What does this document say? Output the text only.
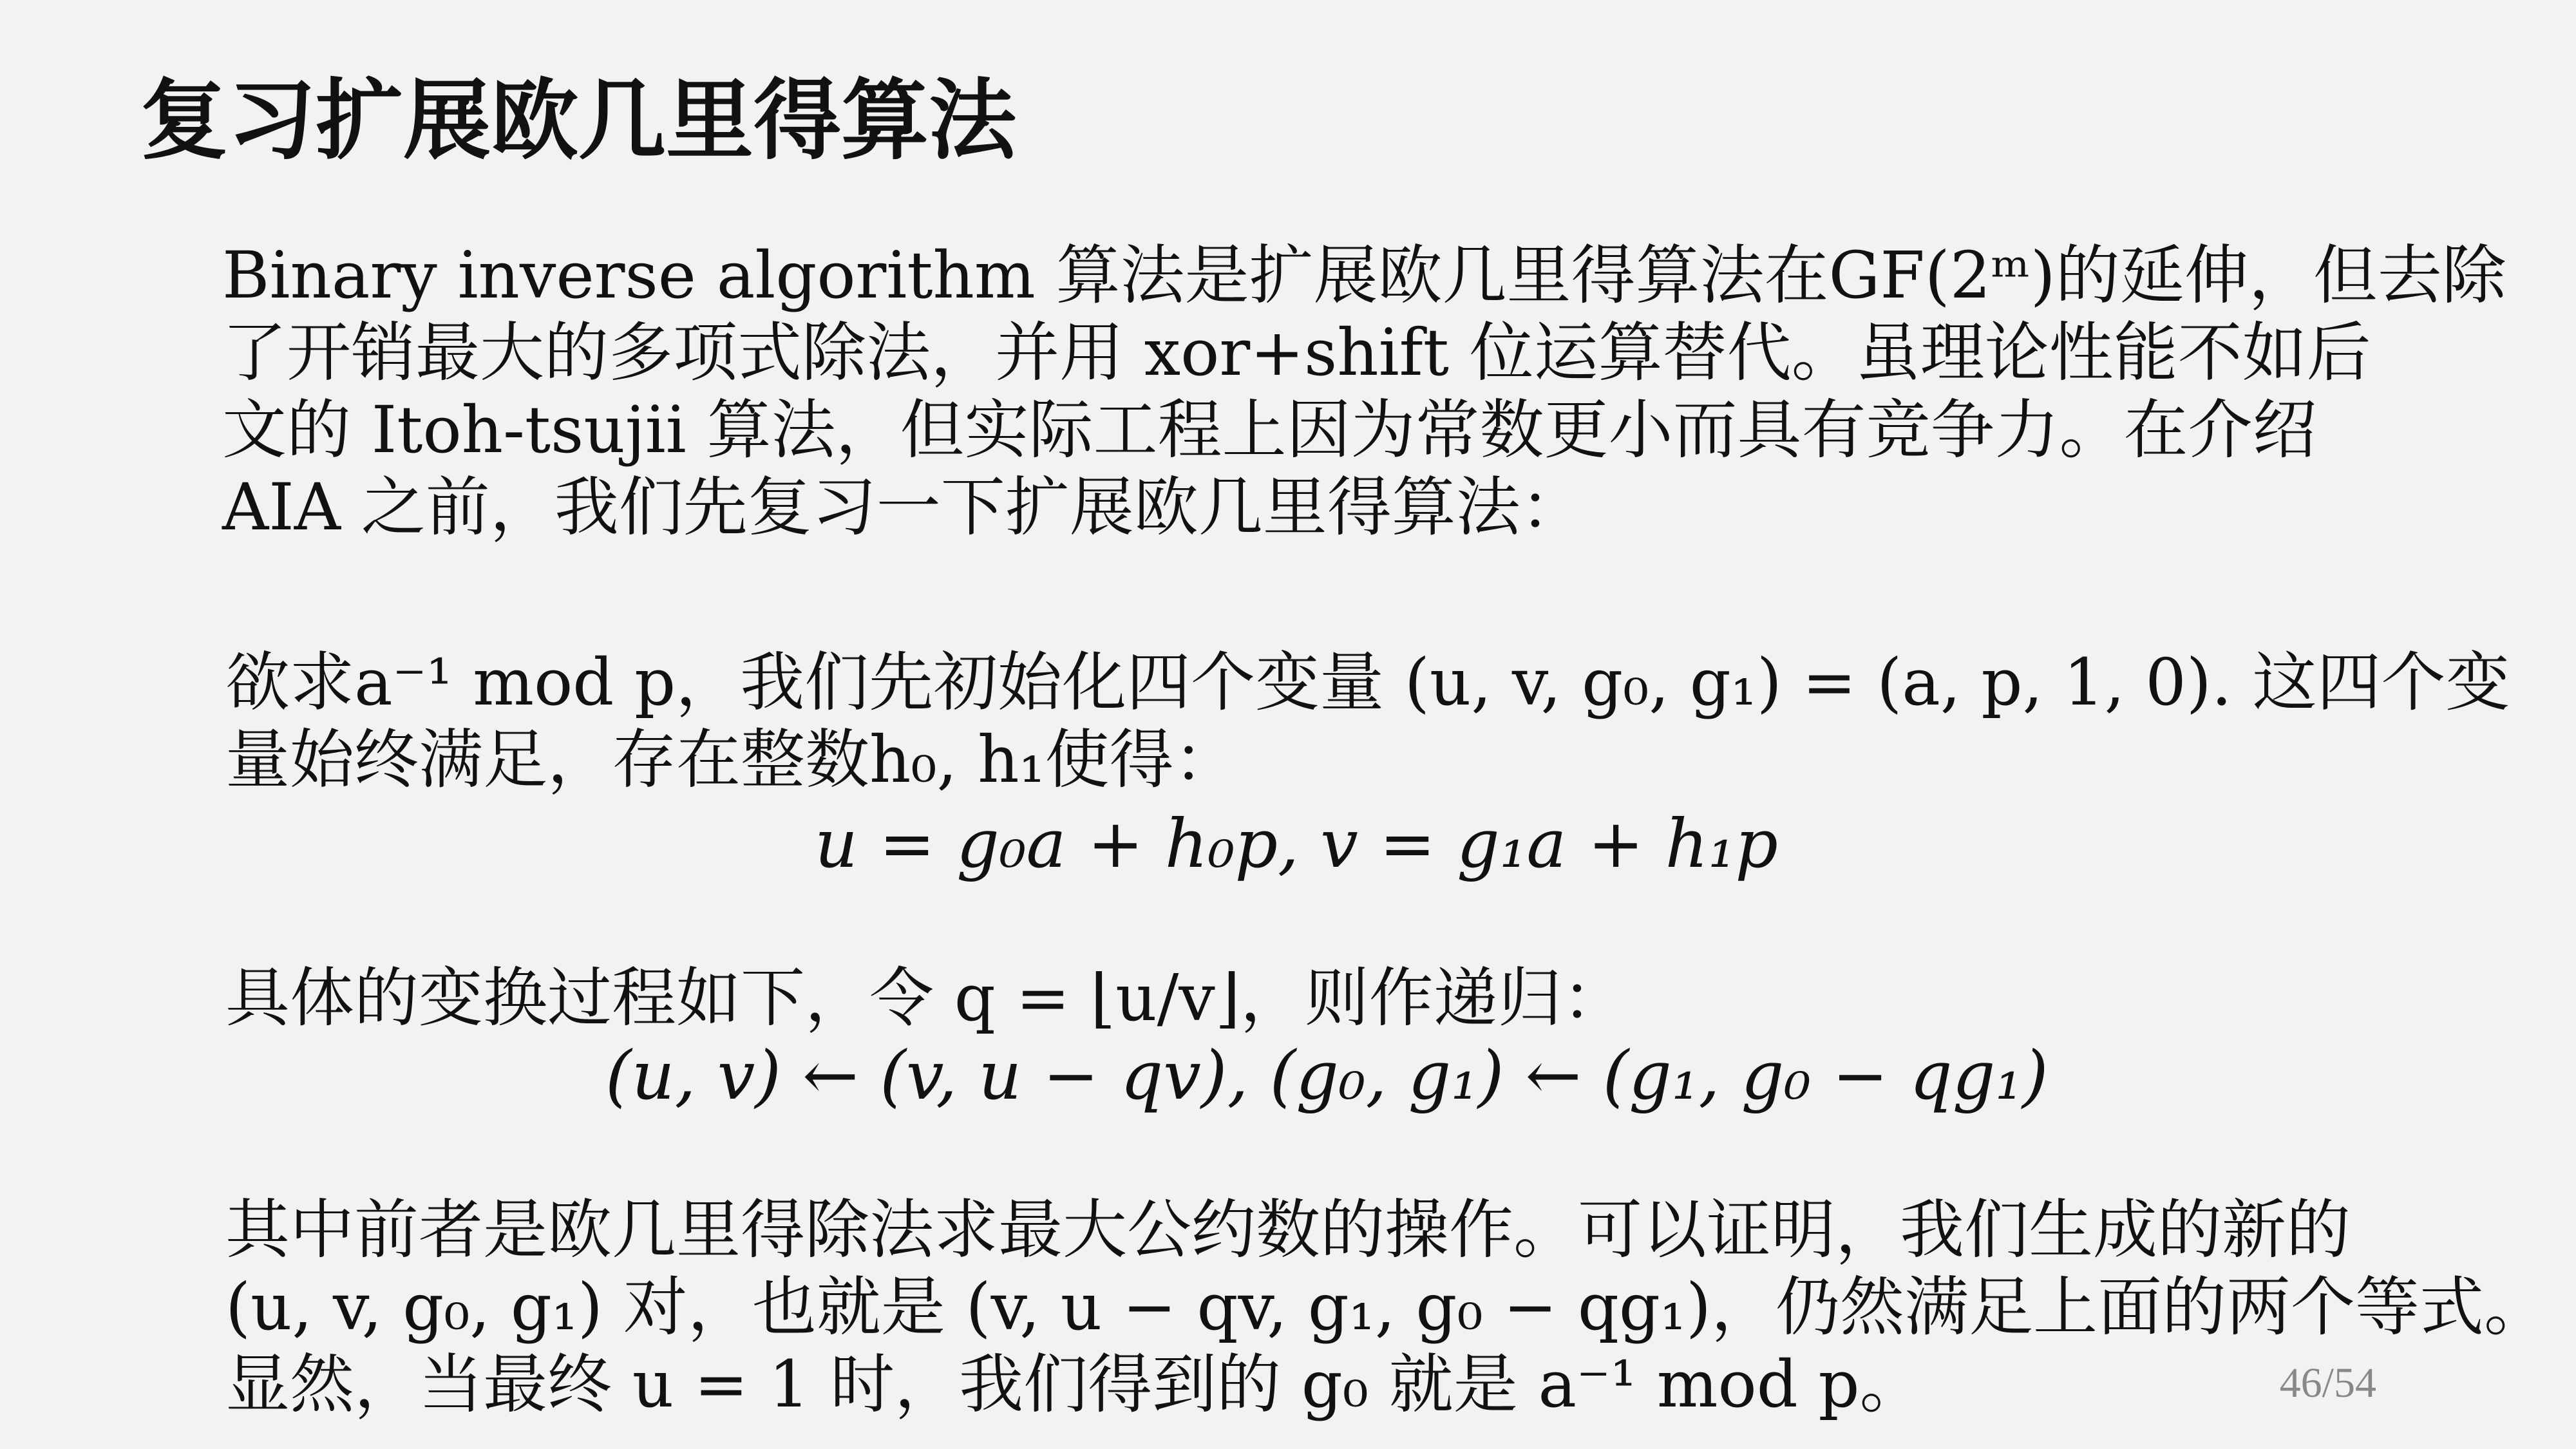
复习扩展欧几里得算法
Binary inverse algorithm 算法是扩展欧几里得算法在GF(2ᵐ)的延伸，但去除
了开销最大的多项式除法，并用 xor+shift 位运算替代。虽理论性能不如后
文的 Itoh-tsujii 算法，但实际工程上因为常数更小而具有竞争力。在介绍
AIA 之前，我们先复习一下扩展欧几里得算法：
欲求a⁻¹ mod p，我们先初始化四个变量 (u, v, g₀, g₁) = (a, p, 1, 0). 这四个变
量始终满足，存在整数h₀, h₁使得：
u = g₀a + h₀p, v = g₁a + h₁p
具体的变换过程如下，令 q = ⌊u/v⌋，则作递归：
(u, v) ← (v, u − qv), (g₀, g₁) ← (g₁, g₀ − qg₁)
其中前者是欧几里得除法求最大公约数的操作。可以证明，我们生成的新的
(u, v, g₀, g₁) 对，也就是 (v, u − qv, g₁, g₀ − qg₁)，仍然满足上面的两个等式。
显然，当最终 u = 1 时，我们得到的 g₀ 就是 a⁻¹ mod p。	46/54
